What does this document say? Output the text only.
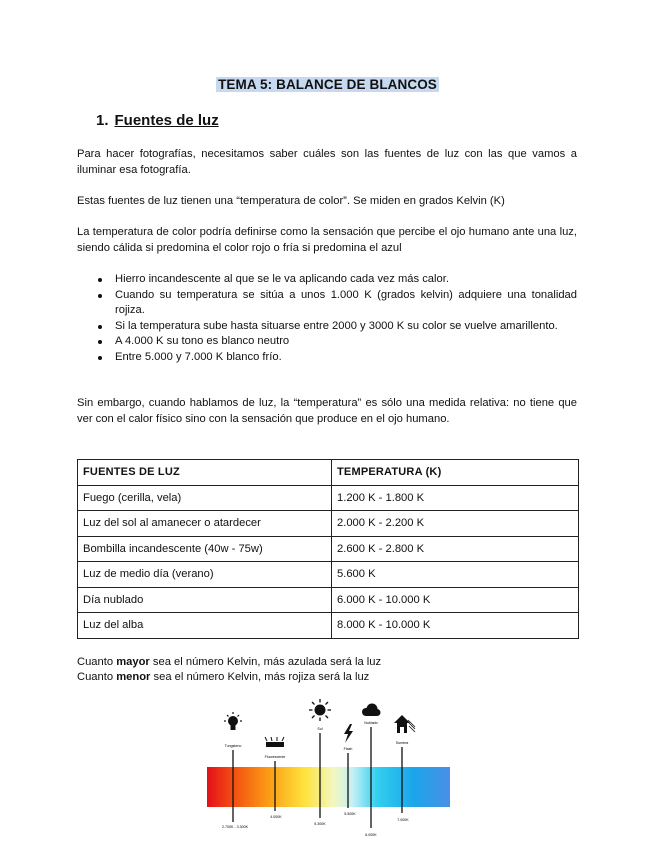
TEMA 5: BALANCE DE BLANCOS
1. Fuentes de luz

Para hacer fotografías, necesitamos saber cuáles son las fuentes de luz con las que vamos a iluminar esa fotografía.

Estas fuentes de luz tienen una “temperatura de color”. Se miden en grados Kelvin (K)

La temperatura de color podría definirse como la sensación que percibe el ojo humano ante una luz, siendo cálida si predomina el color rojo o fría si predomina el azul

Hierro incandescente al que se le va aplicando cada vez más calor.
Cuando su temperatura se sitúa a unos 1.000 K (grados kelvin) adquiere una tonalidad rojiza.
Si la temperatura sube hasta situarse entre 2000 y 3000 K su color se vuelve amarillento.
A 4.000 K su tono es blanco neutro
Entre 5.000 y 7.000 K blanco frío.

Sin embargo, cuando hablamos de luz, la “temperatura” es sólo una medida relativa: no tiene que ver con el calor físico sino con la sensación que produce en el ojo humano.

FUENTES DE LUZ	TEMPERATURA (K)
Fuego (cerilla, vela)	1.200 K - 1.800 K
Luz del sol al amanecer o atardecer	2.000 K - 2.200 K
Bombilla incandescente (40w - 75w)	2.600 K - 2.800 K
Luz de medio día (verano)	5.600 K
Día nublado	6.000 K - 10.000 K
Luz del alba	8.000 K - 10.000 K
Cuanto mayor sea el número Kelvin, más azulada será la luz
Cuanto menor sea el número Kelvin, más rojiza será la luz
Tungsteno
2.700K - 3.300K
Fluorescente
4.000K
Sol
5.300K
Flash
5.500K
Nublado
6.000K
Sombra
7.000K
